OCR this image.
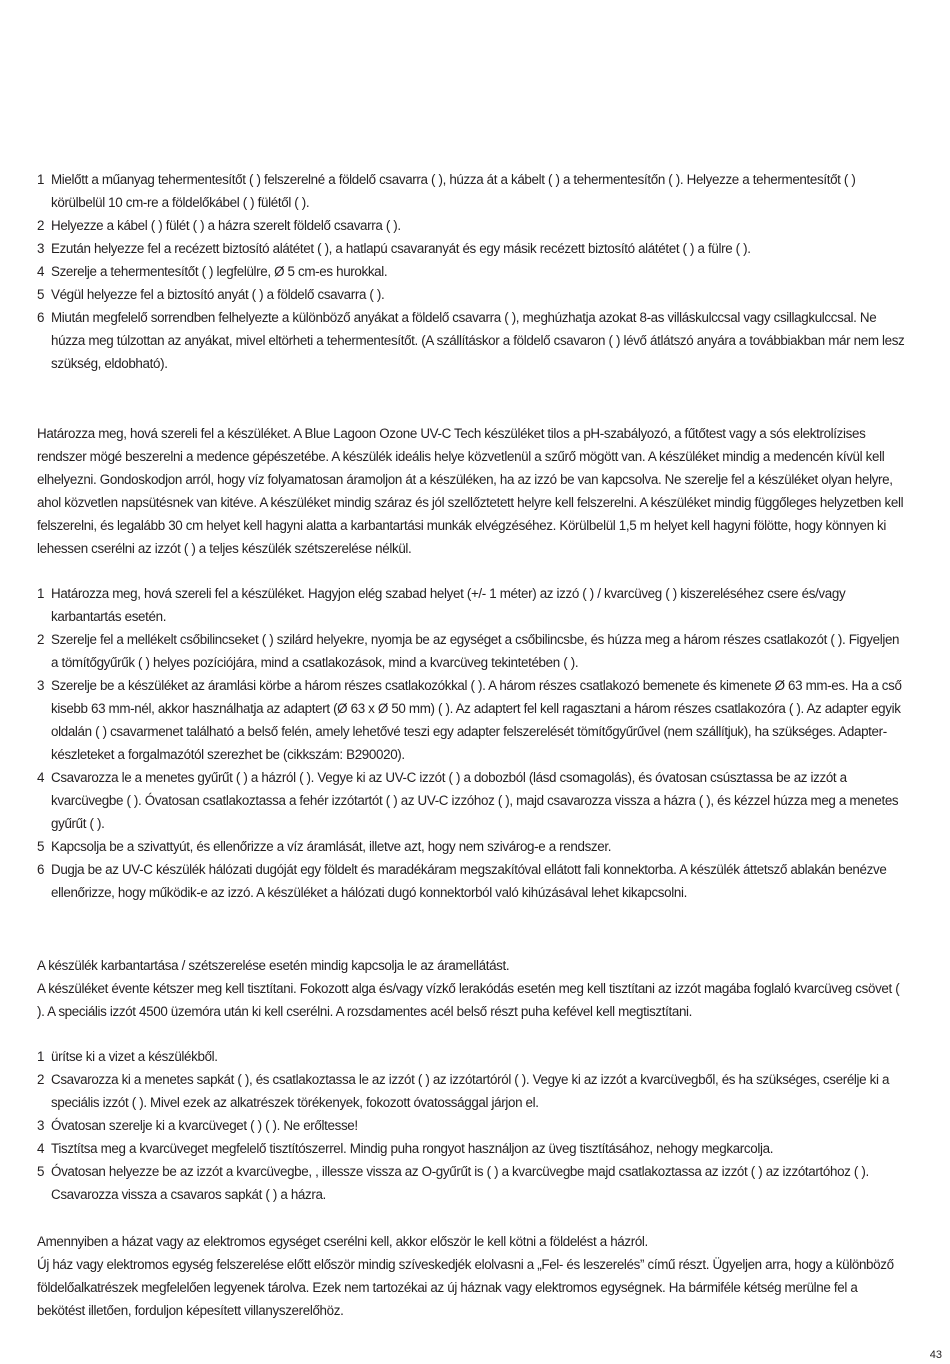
1 Mielőtt a műanyag tehermentesítőt ( ) felszerelné a földelő csavarra ( ), húzza át a kábelt ( ) a tehermentesítőn ( ). Helyezze a tehermentesítőt ( ) körülbelül 10 cm-re a földelőkábel ( ) fülétől ( ).
2 Helyezze a kábel ( ) fülét ( ) a házra szerelt földelő csavarra ( ).
3 Ezután helyezze fel a recézett biztosító alátétet ( ), a hatlapú csavaranyát és egy másik recézett biztosító alátétet ( ) a fülre ( ).
4 Szerelje a tehermentesítőt ( ) legfelülre, Ø 5 cm-es hurokkal.
5 Végül helyezze fel a biztosító anyát ( ) a földelő csavarra ( ).
6 Miután megfelelő sorrendben felhelyezte a különböző anyákat a földelő csavarra ( ), meghúzhatja azokat 8-as villáskulccsal vagy csillagkulccsal. Ne húzza meg túlzottan az anyákat, mivel eltörheti a tehermentesítőt. (A szállításkor a földelő csavaron ( ) lévő átlátszó anyára a továbbiakban már nem lesz szükség, eldobható).

Határozza meg, hová szereli fel a készüléket. A Blue Lagoon Ozone UV-C Tech készüléket tilos a pH-szabályozó, a fűtőtest vagy a sós elektrolízises rendszer mögé beszerelni a medence gépészetébe. A készülék ideális helye közvetlenül a szűrő mögött van. A készüléket mindig a medencén kívül kell elhelyezni. Gondoskodjon arról, hogy víz folyamatosan áramoljon át a készüléken, ha az izzó be van kapcsolva. Ne szerelje fel a készüléket olyan helyre, ahol közvetlen napsütésnek van kitéve. A készüléket mindig száraz és jól szellőztetett helyre kell felszerelni. A készüléket mindig függőleges helyzetben kell felszerelni, és legalább 30 cm helyet kell hagyni alatta a karbantartási munkák elvégzéséhez. Körülbelül 1,5 m helyet kell hagyni fölötte, hogy könnyen ki lehessen cserélni az izzót ( ) a teljes készülék szétszerelése nélkül.

1 Határozza meg, hová szereli fel a készüléket. Hagyjon elég szabad helyet (+/- 1 méter) az izzó ( ) / kvarcüveg ( ) kiszereléséhez csere és/vagy karbantartás esetén.
2 Szerelje fel a mellékelt csőbilincseket ( ) szilárd helyekre, nyomja be az egységet a csőbilincsbe, és húzza meg a három részes csatlakozót ( ). Figyeljen a tömítőgyűrűk ( ) helyes pozíciójára, mind a csatlakozások, mind a kvarcüveg tekintetében ( ).
3 Szerelje be a készüléket az áramlási körbe a három részes csatlakozókkal ( ). A három részes csatlakozó bemenete és kimenete Ø 63 mm-es. Ha a cső kisebb 63 mm-nél, akkor használhatja az adaptert (Ø 63 x Ø 50 mm) ( ). Az adaptert fel kell ragasztani a három részes csatlakozóra ( ). Az adapter egyik oldalán ( ) csavarmenet található a belső felén, amely lehetővé teszi egy adapter felszerelését tömítőgyűrűvel (nem szállítjuk), ha szükséges. Adapter-készleteket a forgalmazótól szerezhet be (cikkszám: B290020).
4 Csavarozza le a menetes gyűrűt ( ) a házról ( ). Vegye ki az UV-C izzót ( ) a dobozból (lásd csomagolás), és óvatosan csúsztassa be az izzót a kvarcüvegbe ( ). Óvatosan csatlakoztassa a fehér izzótartót ( ) az UV-C izzóhoz ( ), majd csavarozza vissza a házra ( ), és kézzel húzza meg a menetes gyűrűt ( ).
5 Kapcsolja be a szivattyút, és ellenőrizze a víz áramlását, illetve azt, hogy nem szivárog-e a rendszer.
6 Dugja be az UV-C készülék hálózati dugóját egy földelt és maradékáram megszakítóval ellátott fali konnektorba. A készülék áttetsző ablakán benézve ellenőrizze, hogy működik-e az izzó. A készüléket a hálózati dugó konnektorból való kihúzásával lehet kikapcsolni.

A készülék karbantartása / szétszerelése esetén mindig kapcsolja le az áramellátást.

A készüléket évente kétszer meg kell tisztítani. Fokozott alga és/vagy vízkő lerakódás esetén meg kell tisztítani az izzót magába foglaló kvarcüveg csövet ( ). A speciális izzót 4500 üzemóra után ki kell cserélni. A rozsdamentes acél belső részt puha kefével kell megtisztítani.

1 ürítse ki a vizet a készülékből.
2 Csavarozza ki a menetes sapkát ( ), és csatlakoztassa le az izzót ( ) az izzótartóról ( ). Vegye ki az izzót a kvarcüvegből, és ha szükséges, cserélje ki a speciális izzót ( ). Mivel ezek az alkatrészek törékenyek, fokozott óvatossággal járjon el.
3 Óvatosan szerelje ki a kvarcüveget ( ) ( ). Ne erőltesse!
4 Tisztítsa meg a kvarcüveget megfelelő tisztítószerrel. Mindig puha rongyot használjon az üveg tisztításához, nehogy megkarcolja.
5 Óvatosan helyezze be az izzót a kvarcüvegbe, , illessze vissza az O-gyűrűt is ( ) a kvarcüvegbe majd csatlakoztassa az izzót ( ) az izzótartóhoz ( ). Csavarozza vissza a csavaros sapkát ( ) a házra.

Amennyiben a házat vagy az elektromos egységet cserélni kell, akkor először le kell kötni a földelést a házról.

Új ház vagy elektromos egység felszerelése előtt először mindig szíveskedjék elolvasni a „Fel- és leszerelés” című részt. Ügyeljen arra, hogy a különböző földelőalkatrészek megfelelően legyenek tárolva. Ezek nem tartozékai az új háznak vagy elektromos egységnek. Ha bármiféle kétség merülne fel a bekötést illetően, forduljon képesített villanyszerelőhöz.

43
